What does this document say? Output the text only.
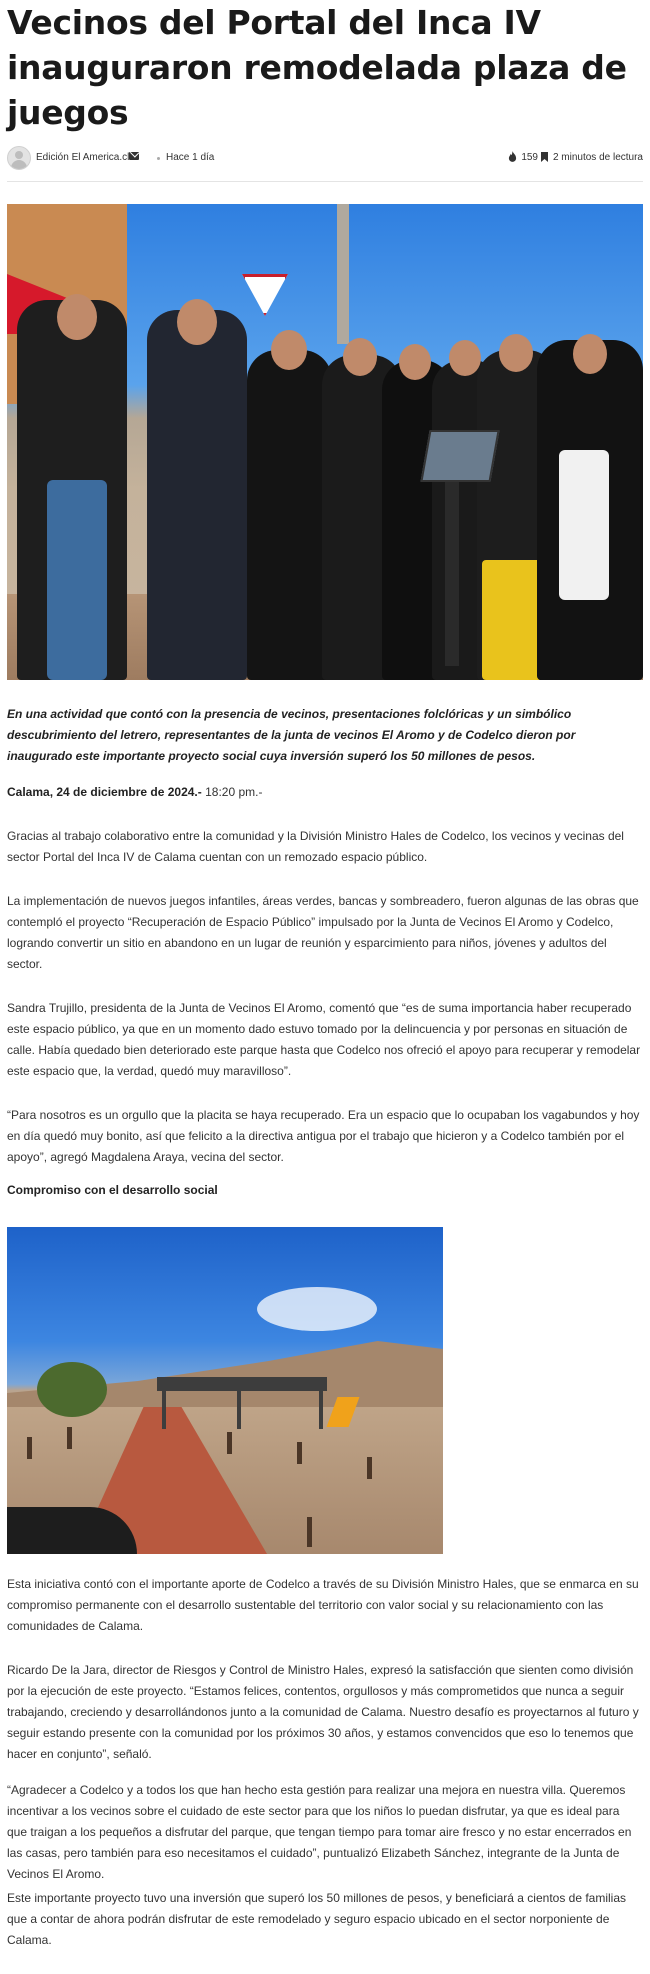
Vecinos del Portal del Inca IV inauguraron remodelada plaza de juegos
Edición El America.cl	Hace 1 día	159 2 minutos de lectura

En una actividad que contó con la presencia de vecinos, presentaciones folclóricas y un simbólico descubrimiento del letrero, representantes de la junta de vecinos El Aromo y de Codelco dieron por inaugurado este importante proyecto social cuya inversión superó los 50 millones de pesos.

Calama, 24 de diciembre de 2024.- 18:20 pm.-

Gracias al trabajo colaborativo entre la comunidad y la División Ministro Hales de Codelco, los vecinos y vecinas del sector Portal del Inca IV de Calama cuentan con un remozado espacio público.

La implementación de nuevos juegos infantiles, áreas verdes, bancas y sombreadero, fueron algunas de las obras que contempló el proyecto “Recuperación de Espacio Público” impulsado por la Junta de Vecinos El Aromo y Codelco, logrando convertir un sitio en abandono en un lugar de reunión y esparcimiento para niños, jóvenes y adultos del sector.

Sandra Trujillo, presidenta de la Junta de Vecinos El Aromo, comentó que “es de suma importancia haber recuperado este espacio público, ya que en un momento dado estuvo tomado por la delincuencia y por personas en situación de calle. Había quedado bien deteriorado este parque hasta que Codelco nos ofreció el apoyo para recuperar y remodelar este espacio que, la verdad, quedó muy maravilloso”.

“Para nosotros es un orgullo que la placita se haya recuperado. Era un espacio que lo ocupaban los vagabundos y hoy en día quedó muy bonito, así que felicito a la directiva antigua por el trabajo que hicieron y a Codelco también por el apoyo”, agregó Magdalena Araya, vecina del sector.

Compromiso con el desarrollo social

Esta iniciativa contó con el importante aporte de Codelco a través de su División Ministro Hales, que se enmarca en su compromiso permanente con el desarrollo sustentable del territorio con valor social y su relacionamiento con las comunidades de Calama.

Ricardo De la Jara, director de Riesgos y Control de Ministro Hales, expresó la satisfacción que sienten como división por la ejecución de este proyecto. “Estamos felices, contentos, orgullosos y más comprometidos que nunca a seguir trabajando, creciendo y desarrollándonos junto a la comunidad de Calama. Nuestro desafío es proyectarnos al futuro y seguir estando presente con la comunidad por los próximos 30 años, y estamos convencidos que eso lo tenemos que hacer en conjunto”, señaló.

“Agradecer a Codelco y a todos los que han hecho esta gestión para realizar una mejora en nuestra villa. Queremos incentivar a los vecinos sobre el cuidado de este sector para que los niños lo puedan disfrutar, ya que es ideal para que traigan a los pequeños a disfrutar del parque, que tengan tiempo para tomar aire fresco y no estar encerrados en las casas, pero también para eso necesitamos el cuidado”, puntualizó Elizabeth Sánchez, integrante de la Junta de Vecinos El Aromo.

Este importante proyecto tuvo una inversión que superó los 50 millones de pesos, y beneficiará a cientos de familias que a contar de ahora podrán disfrutar de este remodelado y seguro espacio ubicado en el sector norponiente de Calama.
